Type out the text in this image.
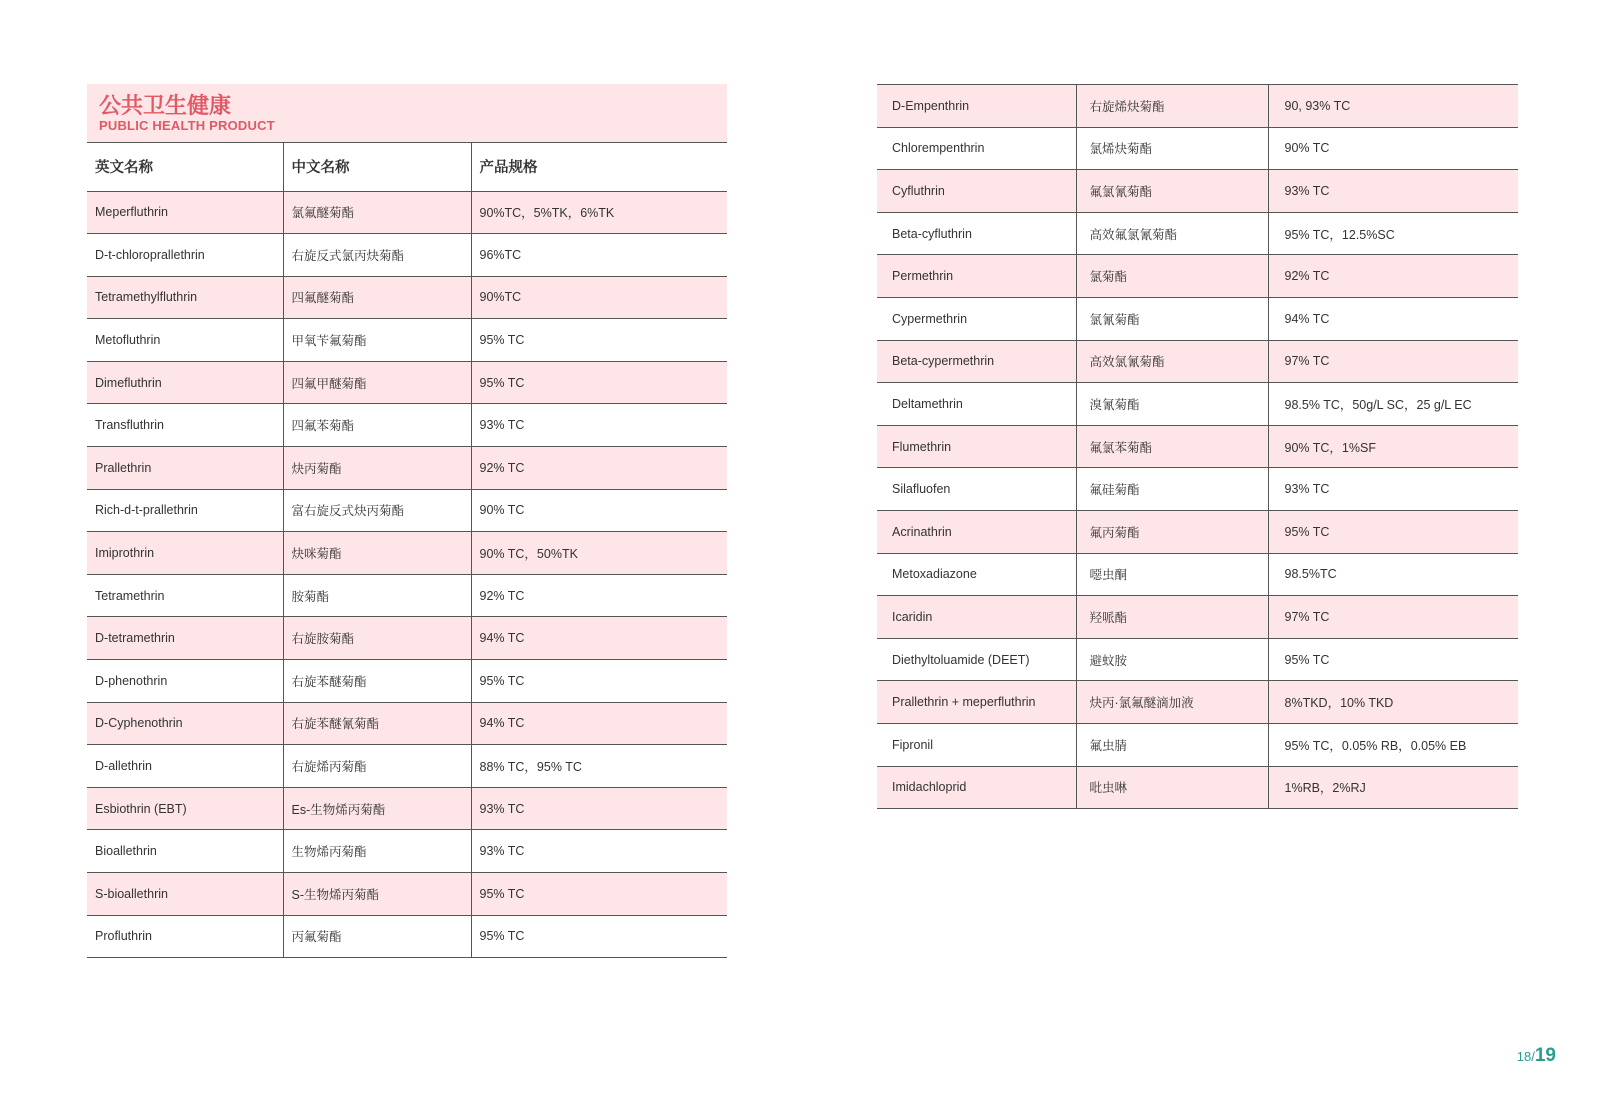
公共卫生健康
PUBLIC HEALTH PRODUCT
英文名称	中文名称	产品规格
Meperfluthrin	氯氟醚菊酯	90%TC，5%TK，6%TK
D-t-chloroprallethrin	右旋反式氯丙炔菊酯	96%TC
Tetramethylfluthrin	四氟醚菊酯	90%TC
Metofluthrin	甲氧苄氟菊酯	95% TC
Dimefluthrin	四氟甲醚菊酯	95% TC
Transfluthrin	四氟苯菊酯	93% TC
Prallethrin	炔丙菊酯	92% TC
Rich-d-t-prallethrin	富右旋反式炔丙菊酯	90% TC
Imiprothrin	炔咪菊酯	90% TC，50%TK
Tetramethrin	胺菊酯	92% TC
D-tetramethrin	右旋胺菊酯	94% TC
D-phenothrin	右旋苯醚菊酯	95% TC
D-Cyphenothrin	右旋苯醚氰菊酯	94% TC
D-allethrin	右旋烯丙菊酯	88% TC，95% TC
Esbiothrin (EBT)	Es-生物烯丙菊酯	93% TC
Bioallethrin	生物烯丙菊酯	93% TC
S-bioallethrin	S-生物烯丙菊酯	95% TC
Profluthrin	丙氟菊酯	95% TC
D-Empenthrin	右旋烯炔菊酯	90, 93% TC
Chlorempenthrin	氯烯炔菊酯	90% TC
Cyfluthrin	氟氯氰菊酯	93% TC
Beta-cyfluthrin	高效氟氯氰菊酯	95% TC，12.5%SC
Permethrin	氯菊酯	92% TC
Cypermethrin	氯氰菊酯	94% TC
Beta-cypermethrin	高效氯氰菊酯	97% TC
Deltamethrin	溴氰菊酯	98.5% TC，50g/L SC，25 g/L EC
Flumethrin	氟氯苯菊酯	90% TC，1%SF
Silafluofen	氟硅菊酯	93% TC
Acrinathrin	氟丙菊酯	95% TC
Metoxadiazone	噁虫酮	98.5%TC
Icaridin	羟哌酯	97% TC
Diethyltoluamide (DEET)	避蚊胺	95% TC
Prallethrin + meperfluthrin	炔丙·氯氟醚滴加液	8%TKD，10% TKD
Fipronil	氟虫腈	95% TC，0.05% RB，0.05% EB
Imidachloprid	吡虫啉	1%RB，2%RJ
18/19
